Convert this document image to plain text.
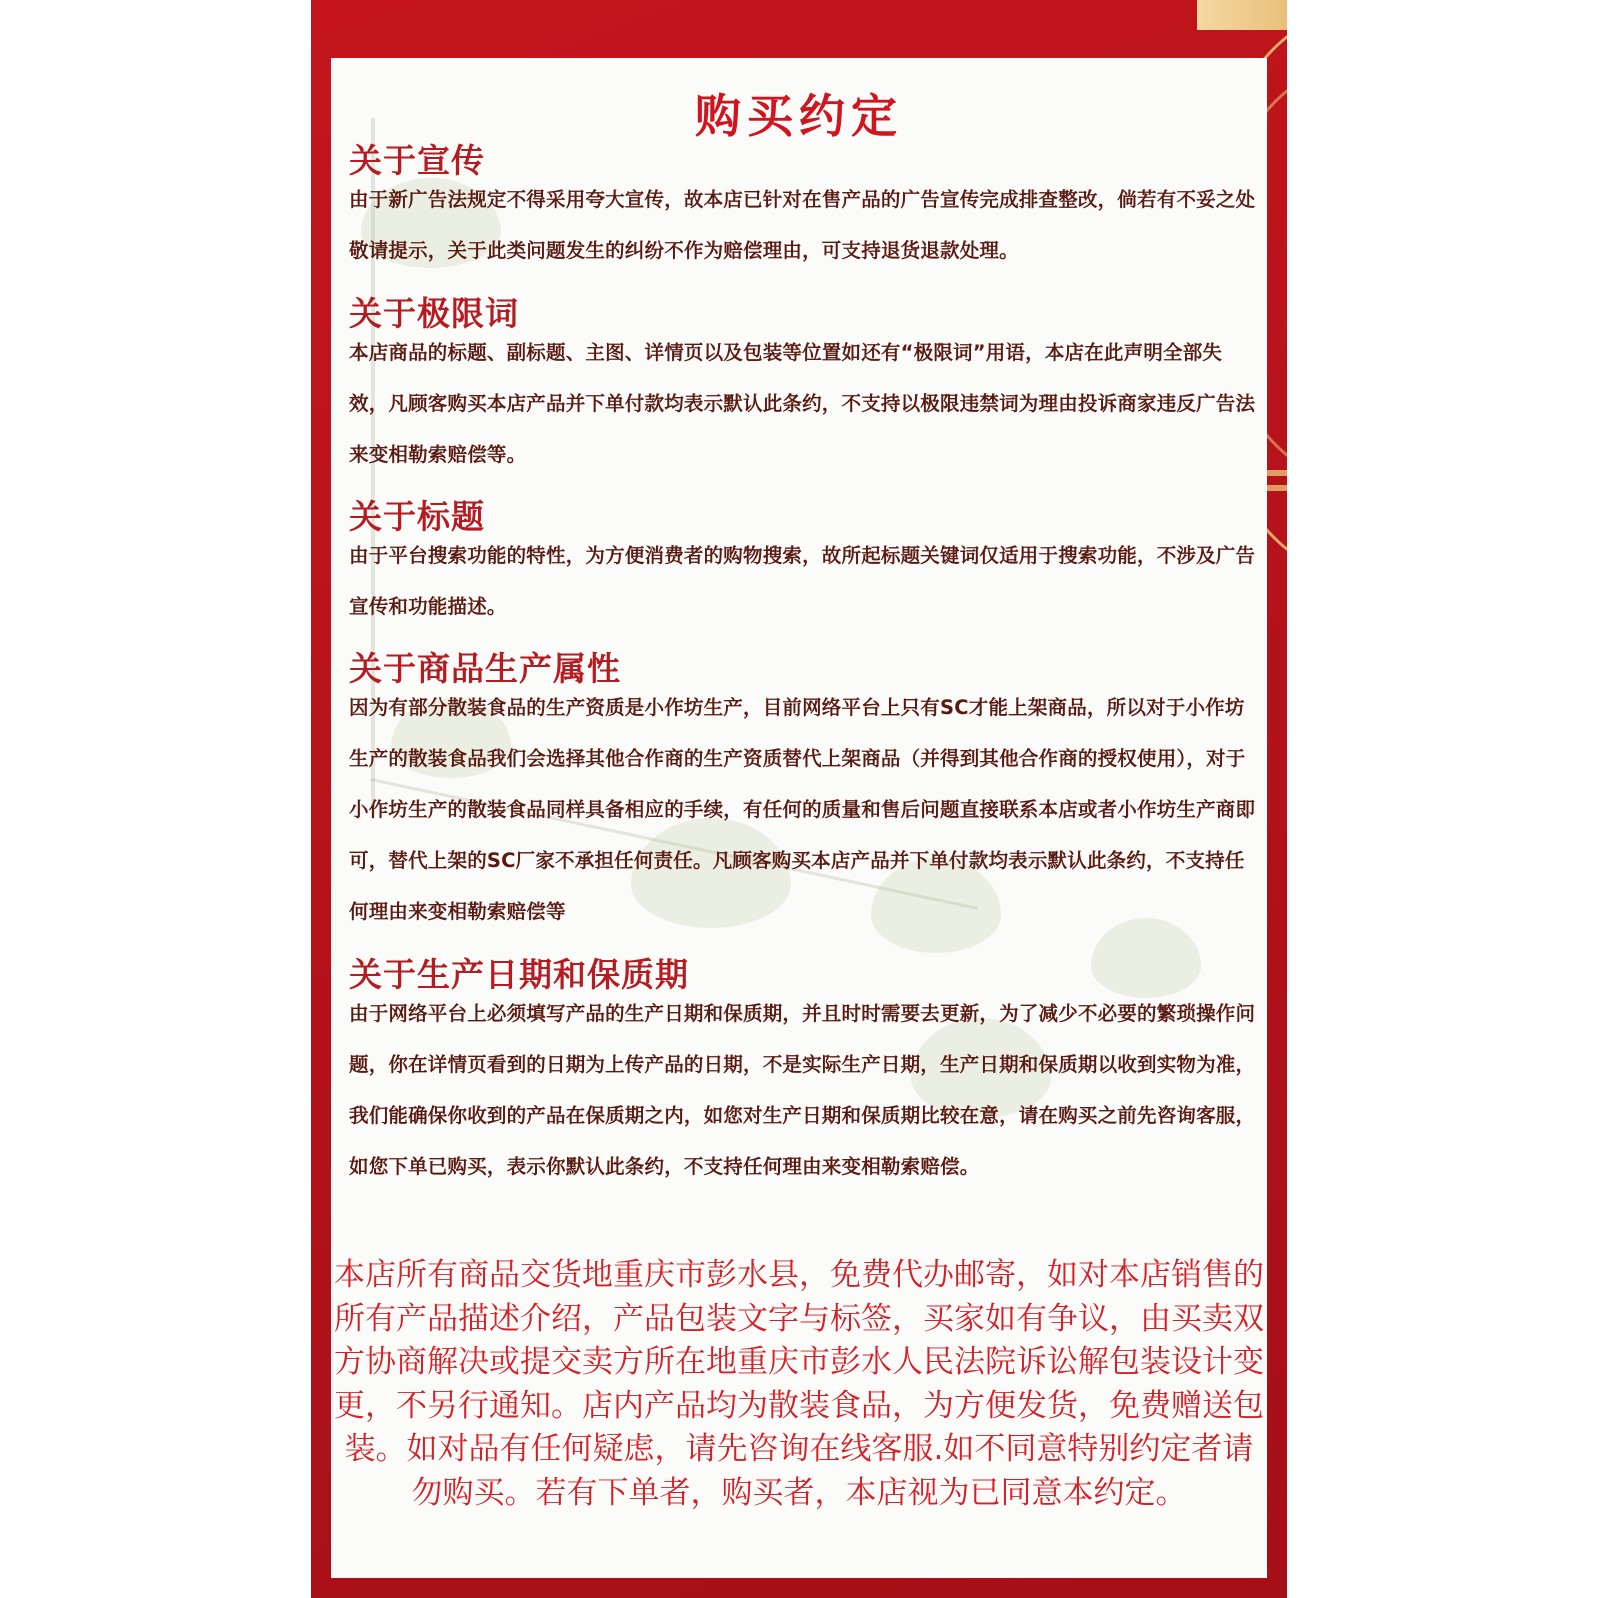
购买约定
关于宣传
由于新广告法规定不得采用夸大宣传，故本店已针对在售产品的广告宣传完成排查整改，倘若有不妥之处敬请提示，关于此类问题发生的纠纷不作为赔偿理由，可支持退货退款处理。
关于极限词
本店商品的标题、副标题、主图、详情页以及包装等位置如还有“极限词”用语，本店在此声明全部失效，凡顾客购买本店产品并下单付款均表示默认此条约，不支持以极限违禁词为理由投诉商家违反广告法来变相勒索赔偿等。
关于标题
由于平台搜索功能的特性，为方便消费者的购物搜索，故所起标题关键词仅适用于搜索功能，不涉及广告宣传和功能描述。
关于商品生产属性
因为有部分散装食品的生产资质是小作坊生产，目前网络平台上只有SC才能上架商品，所以对于小作坊生产的散装食品我们会选择其他合作商的生产资质替代上架商品（并得到其他合作商的授权使用），对于小作坊生产的散装食品同样具备相应的手续，有任何的质量和售后问题直接联系本店或者小作坊生产商即可，替代上架的SC厂家不承担任何责任。凡顾客购买本店产品并下单付款均表示默认此条约，不支持任何理由来变相勒索赔偿等
关于生产日期和保质期
由于网络平台上必须填写产品的生产日期和保质期，并且时时需要去更新，为了减少不必要的繁琐操作问题，你在详情页看到的日期为上传产品的日期，不是实际生产日期，生产日期和保质期以收到实物为准，我们能确保你收到的产品在保质期之内，如您对生产日期和保质期比较在意，请在购买之前先咨询客服，如您下单已购买，表示你默认此条约，不支持任何理由来变相勒索赔偿。
本店所有商品交货地重庆市彭水县，免费代办邮寄，如对本店销售的所有产品描述介绍，产品包装文字与标签，买家如有争议，由买卖双方协商解决或提交卖方所在地重庆市彭水人民法院诉讼解包装设计变更，不另行通知。店内产品均为散装食品，为方便发货，免费赠送包装。如对品有任何疑虑，请先咨询在线客服.如不同意特别约定者请勿购买。若有下单者，购买者，本店视为已同意本约定。
